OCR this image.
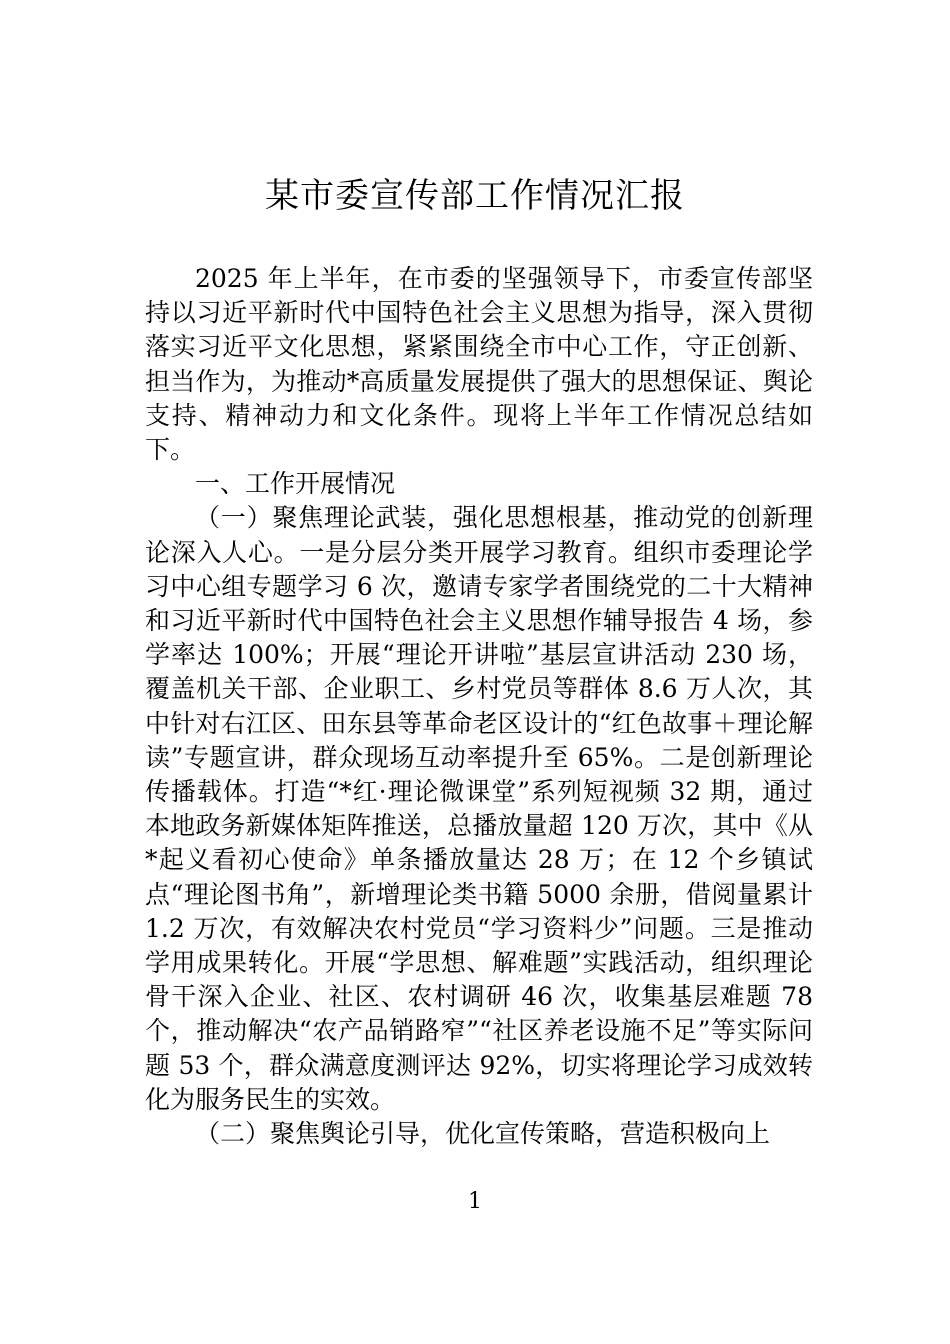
某市委宣传部工作情况汇报

2025 年上半年，在市委的坚强领导下，市委宣传部坚持以习近平新时代中国特色社会主义思想为指导，深入贯彻落实习近平文化思想，紧紧围绕全市中心工作，守正创新、担当作为，为推动*高质量发展提供了强大的思想保证、舆论支持、精神动力和文化条件。现将上半年工作情况总结如下。

一、工作开展情况

（一）聚焦理论武装，强化思想根基，推动党的创新理论深入人心。一是分层分类开展学习教育。组织市委理论学习中心组专题学习 6 次，邀请专家学者围绕党的二十大精神和习近平新时代中国特色社会主义思想作辅导报告 4 场，参学率达 100%；开展“理论开讲啦”基层宣讲活动 230 场，覆盖机关干部、企业职工、乡村党员等群体 8.6 万人次，其中针对右江区、田东县等革命老区设计的“红色故事＋理论解读”专题宣讲，群众现场互动率提升至 65%。二是创新理论传播载体。打造“*红·理论微课堂”系列短视频 32 期，通过本地政务新媒体矩阵推送，总播放量超 120 万次，其中《从*起义看初心使命》单条播放量达 28 万；在 12 个乡镇试点“理论图书角”，新增理论类书籍 5000 余册，借阅量累计 1.2 万次，有效解决农村党员“学习资料少”问题。三是推动学用成果转化。开展“学思想、解难题”实践活动，组织理论骨干深入企业、社区、农村调研 46 次，收集基层难题 78 个，推动解决“农产品销路窄”“社区养老设施不足”等实际问题 53 个，群众满意度测评达 92%，切实将理论学习成效转化为服务民生的实效。

（二）聚焦舆论引导，优化宣传策略，营造积极向上

1
